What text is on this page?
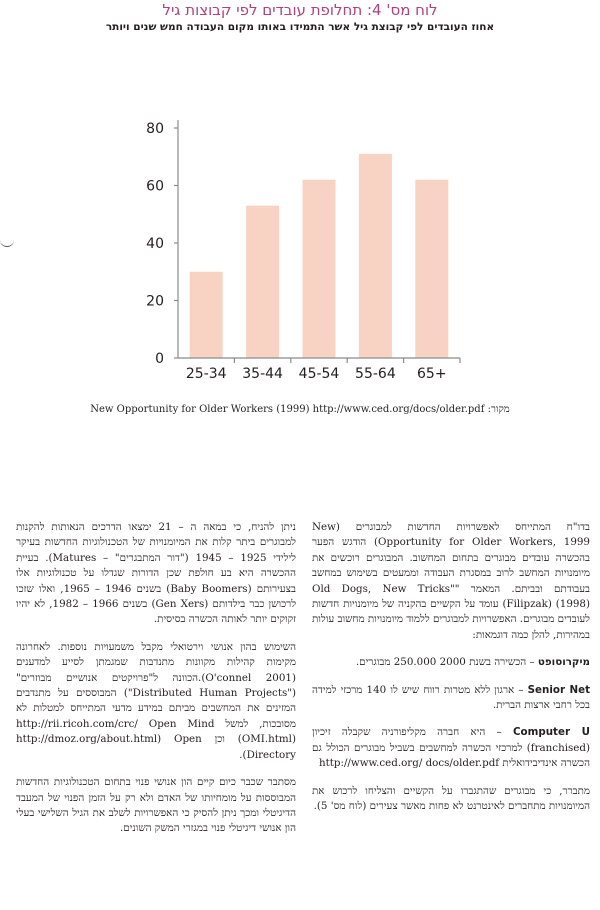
לוח מס' 4: תחלופת עובדים לפי קבוצות גיל
אחוז העובדים לפי קבוצת גיל אשר התמידו באותו מקום העבודה חמש שנים ויותר
0
20
40
60
80
25-34 35-44 45-54 55-64 65+
מקור: New Opportunity for Older Workers (1999) http://www.ced.org/docs/older.pdf

בדו"ח המתייחס לאפשרויות החדשות למבוגרים (New Opportunity for Older Workers, 1999) הודגש הפער בהכשרה עובדים מבוגרים בתחום המחשוב. המבוגרים רוכשים את מיומנויות המחשב לרוב במסגרת העבודה וממעטים בשימוש במחשב בעבודתם ובביתם. המאמר "Old Dogs, New Tricks" (Filipzak) (1998) עומד על הקשיים בהקניה של מיומנויות חדשות לעובדים מבוגרים. האפשרויות למבוגרים ללמוד מיומנויות מחשוב עולות במהירות, להלן כמה דוגמאות:

מיקרוסופט – הכשירה בשנת 2000 250.000 מבוגרים.

Senior Net – ארגון ללא מטרות רווח שיש לו 140 מרכזי למידה בכל רחבי ארצות הברית.

Computer U – היא חברה מקליפורניה שקבלה זיכיון (franchised) למרכזי הכשרה למחשבים בשביל מבוגרים הכולל גם הכשרה אינדיבידואלית http://www.ced.org/ docs/older.pdf

מתברר, כי מבוגרים שהתגברו על הקשיים והצליחו לרכוש את המיומנויות מתחברים לאינטרנט לא פחות מאשר צעירים (לוח מס' 5).

ניתן להניח, כי במאה ה – 21 ימצאו הדרכים הנאותות להקנות למבוגרים ביתר קלות את המיומנויות של הטכנולוגיות החדשות בעיקר לילידי 1925 – 1945 ("דור המתבגרים" – Matures). בעיית ההכשרה היא בע חולפת שכן הדורות שגדלו על טכנולוגיות אלו בצעירותם (Baby Boomers) בשנים 1946 – 1965, ואלו שזכו לרכושן כבר בילדותם (Gen Xers) בשנים 1966 – 1982, לא יהיו זקוקים יותר לאותה הכשרה בסיסית.

השימוש בהון אנושי וירטואלי מקבל משמעויות נוספות. לאחרונה מקימות קהילות מקוונות מתנדבות שמגמתן לסייע למדענים (O'connel 2001).הכוונה ל"פרויקטים אנושיים מבוזרים" ("Distributed Human Projects") המבוססים על מתנדבים המזינים את המחשבים מביתם במידע מדעי המתייחס למטלות לא מסובכות, למשל http://rii.ricoh.com/crc/ Open Mind (OMI.html) וכן http://dmoz.org/about.html) Open Directory).

מסתבר שכבר כיום קיים הון אנושי פנוי בתחום הטכנולוגיות החדשות המבוססות על מומחיותו של האדם ולא רק על הזמן הפנוי של המעבד הדיגיטלי ומכך ניתן להסיק כי האפשרויות לשלב את הגיל השלישי בעלי הון אנושי דיגיטלי פנוי במגזרי המשק השונים.
